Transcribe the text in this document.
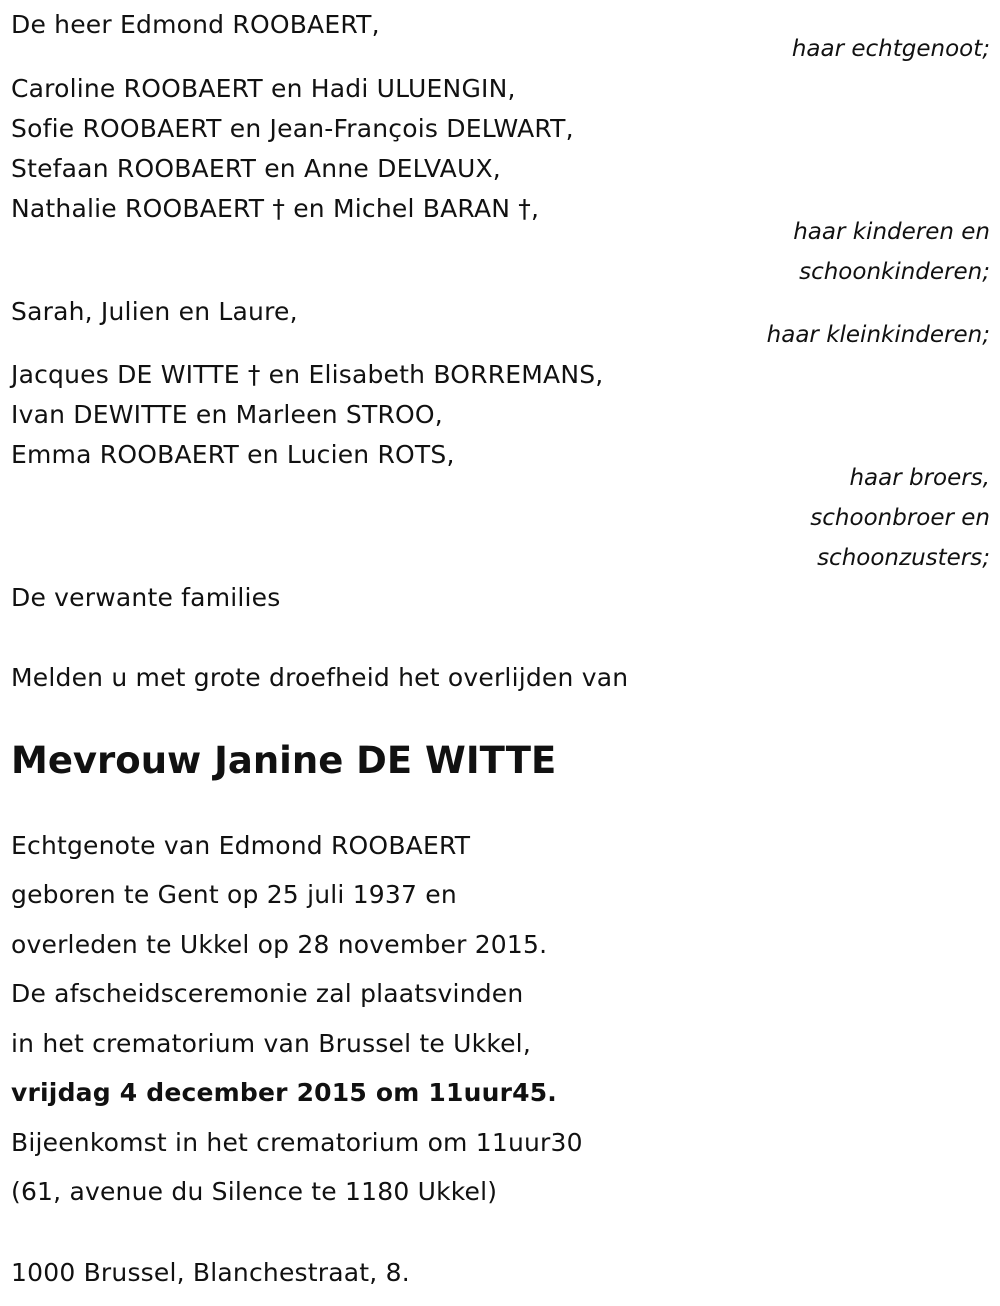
De heer Edmond ROOBAERT,
haar echtgenoot;
Caroline ROOBAERT en Hadi ULUENGIN,
Sofie ROOBAERT en Jean-François DELWART,
Stefaan ROOBAERT en Anne DELVAUX,
Nathalie ROOBAERT † en Michel BARAN †,
haar kinderen en
schoonkinderen;
Sarah, Julien en Laure,
haar kleinkinderen;
Jacques DE WITTE † en Elisabeth BORREMANS,
Ivan DEWITTE en Marleen STROO,
Emma ROOBAERT en Lucien ROTS,
haar broers,
schoonbroer en
schoonzusters;
De verwante families
Melden u met grote droefheid het overlijden van
Mevrouw Janine DE WITTE
Echtgenote van Edmond ROOBAERT
geboren te Gent op 25 juli 1937 en
overleden te Ukkel op 28 november 2015.
De afscheidsceremonie zal plaatsvinden
in het crematorium van Brussel te Ukkel,
vrijdag 4 december 2015 om 11uur45.
Bijeenkomst in het crematorium om 11uur30
(61, avenue du Silence te 1180 Ukkel)
1000 Brussel, Blanchestraat, 8.
